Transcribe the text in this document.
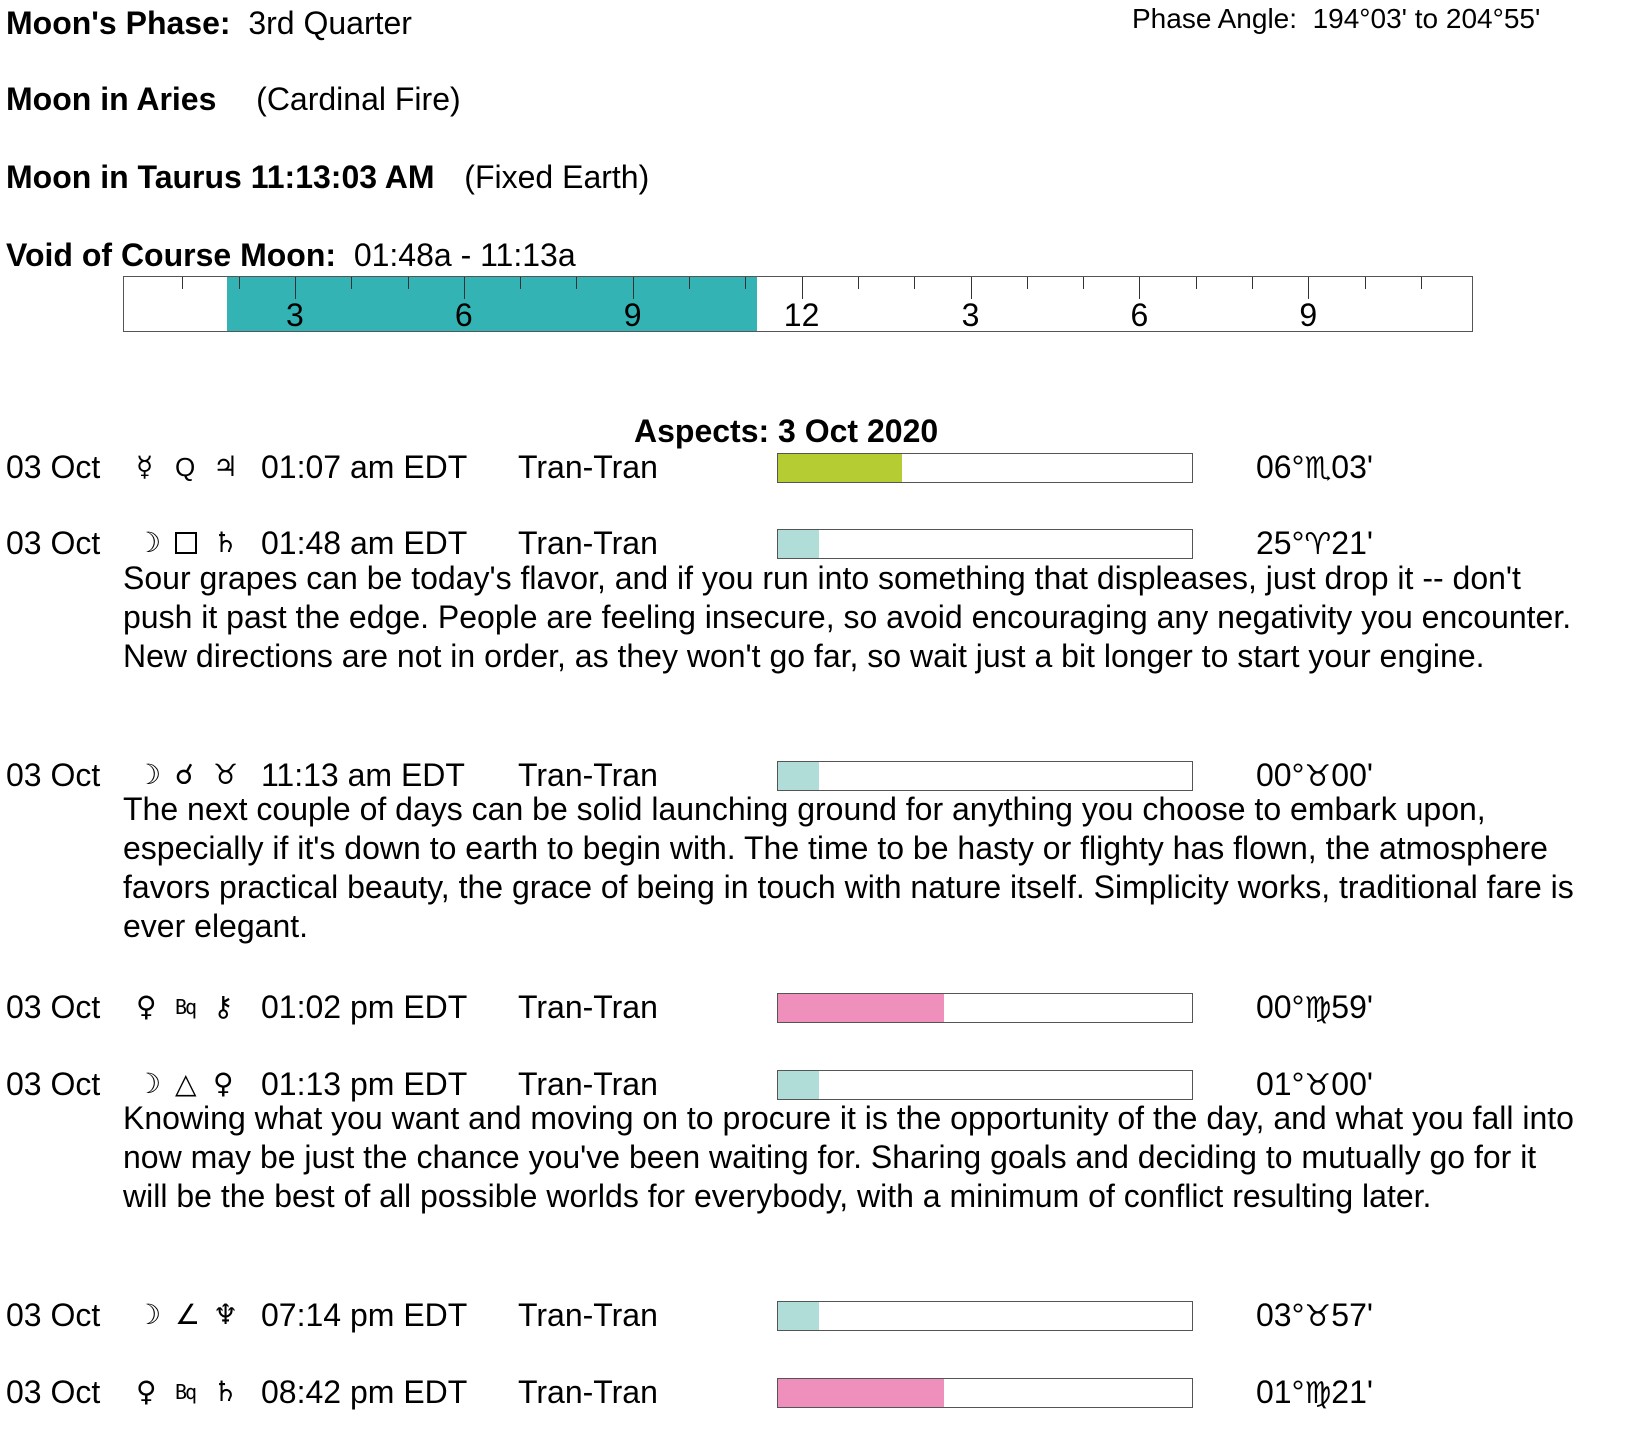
Moon's Phase: 3rd Quarter	Phase Angle: 194°03' to 204°55'
Moon in Aries (Cardinal Fire)
Moon in Taurus 11:13:03 AM (Fixed Earth)
Void of Course Moon: 01:48a - 11:13a
3	6	9	12	3	6	9
Aspects: 3 Oct 2020
03 Oct ☿ Q ♃ 01:07 am EDT Tran-Tran	06°♏03'
03 Oct ☽ ♄ 01:48 am EDT Tran-Tran	25°♈21'
Sour grapes can be today's flavor, and if you run into something that displeases, just drop it -- don't push it past the edge. People are feeling insecure, so avoid encouraging any negativity you encounter. New directions are not in order, as they won't go far, so wait just a bit longer to start your engine.
03 Oct ☽ ☌ ♉ 11:13 am EDT Tran-Tran	00°♉00'
The next couple of days can be solid launching ground for anything you choose to embark upon, especially if it's down to earth to begin with. The time to be hasty or flighty has flown, the atmosphere favors practical beauty, the grace of being in touch with nature itself. Simplicity works, traditional fare is ever elegant.
03 Oct ♀ Bq ⚷ 01:02 pm EDT Tran-Tran	00°♍59'
03 Oct ☽ △ ♀ 01:13 pm EDT Tran-Tran	01°♉00'
Knowing what you want and moving on to procure it is the opportunity of the day, and what you fall into now may be just the chance you've been waiting for. Sharing goals and deciding to mutually go for it will be the best of all possible worlds for everybody, with a minimum of conflict resulting later.
03 Oct ☽ ∠ ♆ 07:14 pm EDT Tran-Tran	03°♉57'
03 Oct ♀ Bq ♄ 08:42 pm EDT Tran-Tran	01°♍21'
